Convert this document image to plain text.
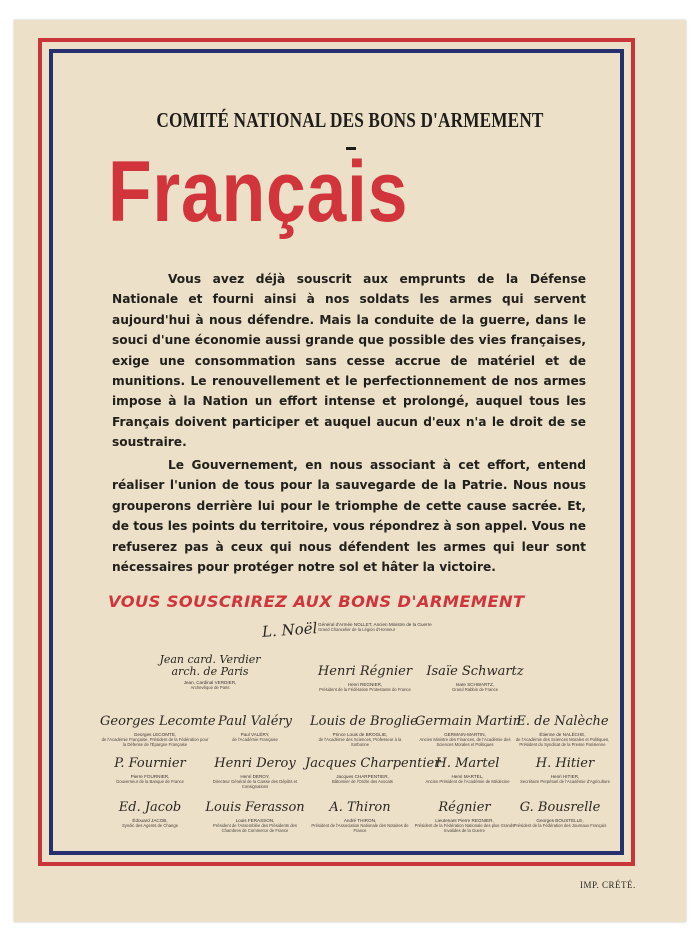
COMITÉ NATIONAL DES BONS D'ARMEMENT
Français

Vous avez déjà souscrit aux emprunts de la Défense Nationale et fourni ainsi à nos soldats les armes qui servent aujourd'hui à nous défendre. Mais la conduite de la guerre, dans le souci d'une économie aussi grande que possible des vies françaises, exige une consommation sans cesse accrue de matériel et de munitions. Le renouvellement et le perfectionnement de nos armes impose à la Nation un effort intense et prolongé, auquel tous les Français doivent participer et auquel aucun d'eux n'a le droit de se soustraire.

Le Gouvernement, en nous associant à cet effort, entend réaliser l'union de tous pour la sauvegarde de la Patrie. Nous nous grouperons derrière lui pour le triomphe de cette cause sacrée. Et, de tous les points du territoire, vous répondrez à son appel. Vous ne refuserez pas à ceux qui nous défendent les armes qui leur sont nécessaires pour protéger notre sol et hâter la victoire.

VOUS SOUSCRIREZ AUX BONS D'ARMEMENT
L. Noël Général d'Armée NOLLET, Ancien Ministre de la Guerre
Grand Chancelier de la Légion d'Honneur
Jean card. Verdier arch. de Paris
Jean, Cardinal VERDIER,
Archevêque de Paris
Henri Régnier
Henri REGNIER,
Président de la Fédération Protestante de France
Isaïe Schwartz
Isaïe SCHWARTZ,
Grand Rabbin de France
Georges Lecomte
Georges LECOMTE,
de l'Académie Française, Président de la Fédération pour la Défense de l'Épargne Française
Paul Valéry
Paul VALÉRY,
de l'Académie Française
Louis de Broglie
Prince Louis de BROGLIE,
de l'Académie des Sciences, Professeur à la Sorbonne
Germain Martin
GERMAIN-MARTIN,
Ancien Ministre des Finances, de l'Académie des Sciences Morales et Politiques
E. de Nalèche
Étienne de NALÈCHE,
de l'Académie des Sciences Morales et Politiques, Président du Syndicat de la Presse Parisienne
P. Fournier
Pierre FOURNIER,
Gouverneur de la Banque de France
Henri Deroy
Henri DEROY,
Directeur Général de la Caisse des Dépôts et Consignations
Jacques Charpentier
Jacques CHARPENTIER,
Bâtonnier de l'Ordre des Avocats
H. Martel
Henri MARTEL,
Ancien Président de l'Académie de Médecine
H. Hitier
Henri HITIER,
Secrétaire Perpétuel de l'Académie d'Agriculture
Ed. Jacob
Édouard JACOB,
Syndic des Agents de Change
Louis Ferasson
Louis FERASSON,
Président de l'Assemblée des Présidents des Chambres de Commerce de France
A. Thiron
André THIRON,
Président de l'Association Nationale des Notaires de France
Régnier
Lieutenant Pierre REGNIER,
Président de la Fédération Nationale des plus Grands Invalides de la Guerre
G. Bousrelle
Georges BOUSTELLE,
Président de la Fédération des Journaux Français
IMP. CRÉTÉ.
